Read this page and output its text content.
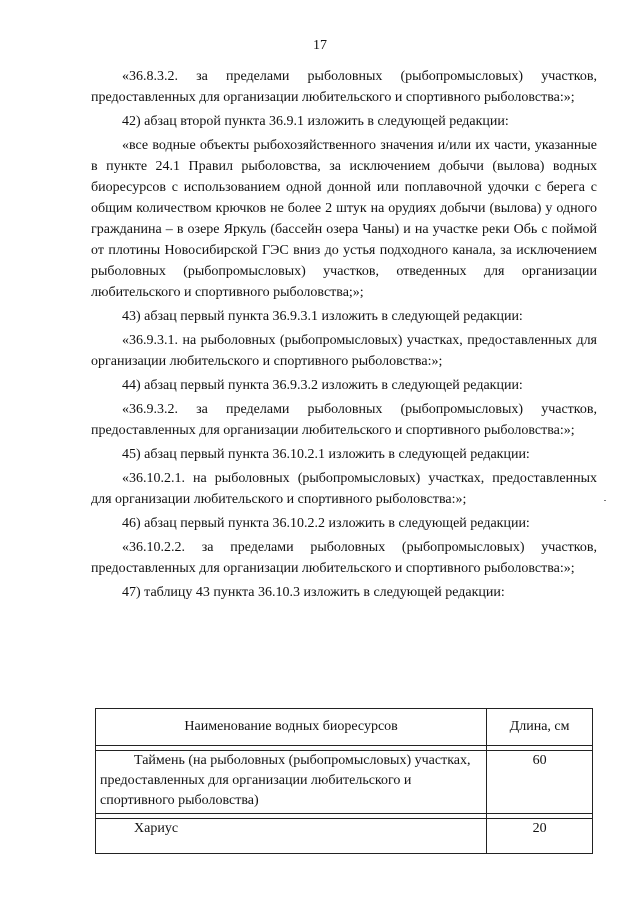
17

«36.8.3.2. за пределами рыболовных (рыбопромысловых) участков, предоставленных для организации любительского и спортивного рыболовства:»;

42) абзац второй пункта 36.9.1 изложить в следующей редакции:

«все водные объекты рыбохозяйственного значения и/или их части, указанные в пункте 24.1 Правил рыболовства, за исключением добычи (вылова) водных биоресурсов с использованием одной донной или поплавочной удочки с берега с общим количеством крючков не более 2 штук на орудиях добычи (вылова) у одного гражданина – в озере Яркуль (бассейн озера Чаны) и на участке реки Обь с поймой от плотины Новосибирской ГЭС вниз до устья подходного канала, за исключением рыболовных (рыбопромысловых) участков, отведенных для организации любительского и спортивного рыболовства;»;

43) абзац первый пункта 36.9.3.1 изложить в следующей редакции:

«36.9.3.1. на рыболовных (рыбопромысловых) участках, предоставленных для организации любительского и спортивного рыболовства:»;

44) абзац первый пункта 36.9.3.2 изложить в следующей редакции:

«36.9.3.2. за пределами рыболовных (рыбопромысловых) участков, предоставленных для организации любительского и спортивного рыболовства:»;

45) абзац первый пункта 36.10.2.1 изложить в следующей редакции:

«36.10.2.1. на рыболовных (рыбопромысловых) участках, предоставленных для организации любительского и спортивного рыболовства:»;

46) абзац первый пункта 36.10.2.2 изложить в следующей редакции:

«36.10.2.2. за пределами рыболовных (рыбопромысловых) участков, предоставленных для организации любительского и спортивного рыболовства:»;

47) таблицу 43 пункта 36.10.3 изложить в следующей редакции:

Наименование водных биоресурсов	Длина, см

Таймень (на рыболовных (рыбопромысловых) участках, предоставленных для организации любительского и спортивного рыболовства)	60

Хариус	20
